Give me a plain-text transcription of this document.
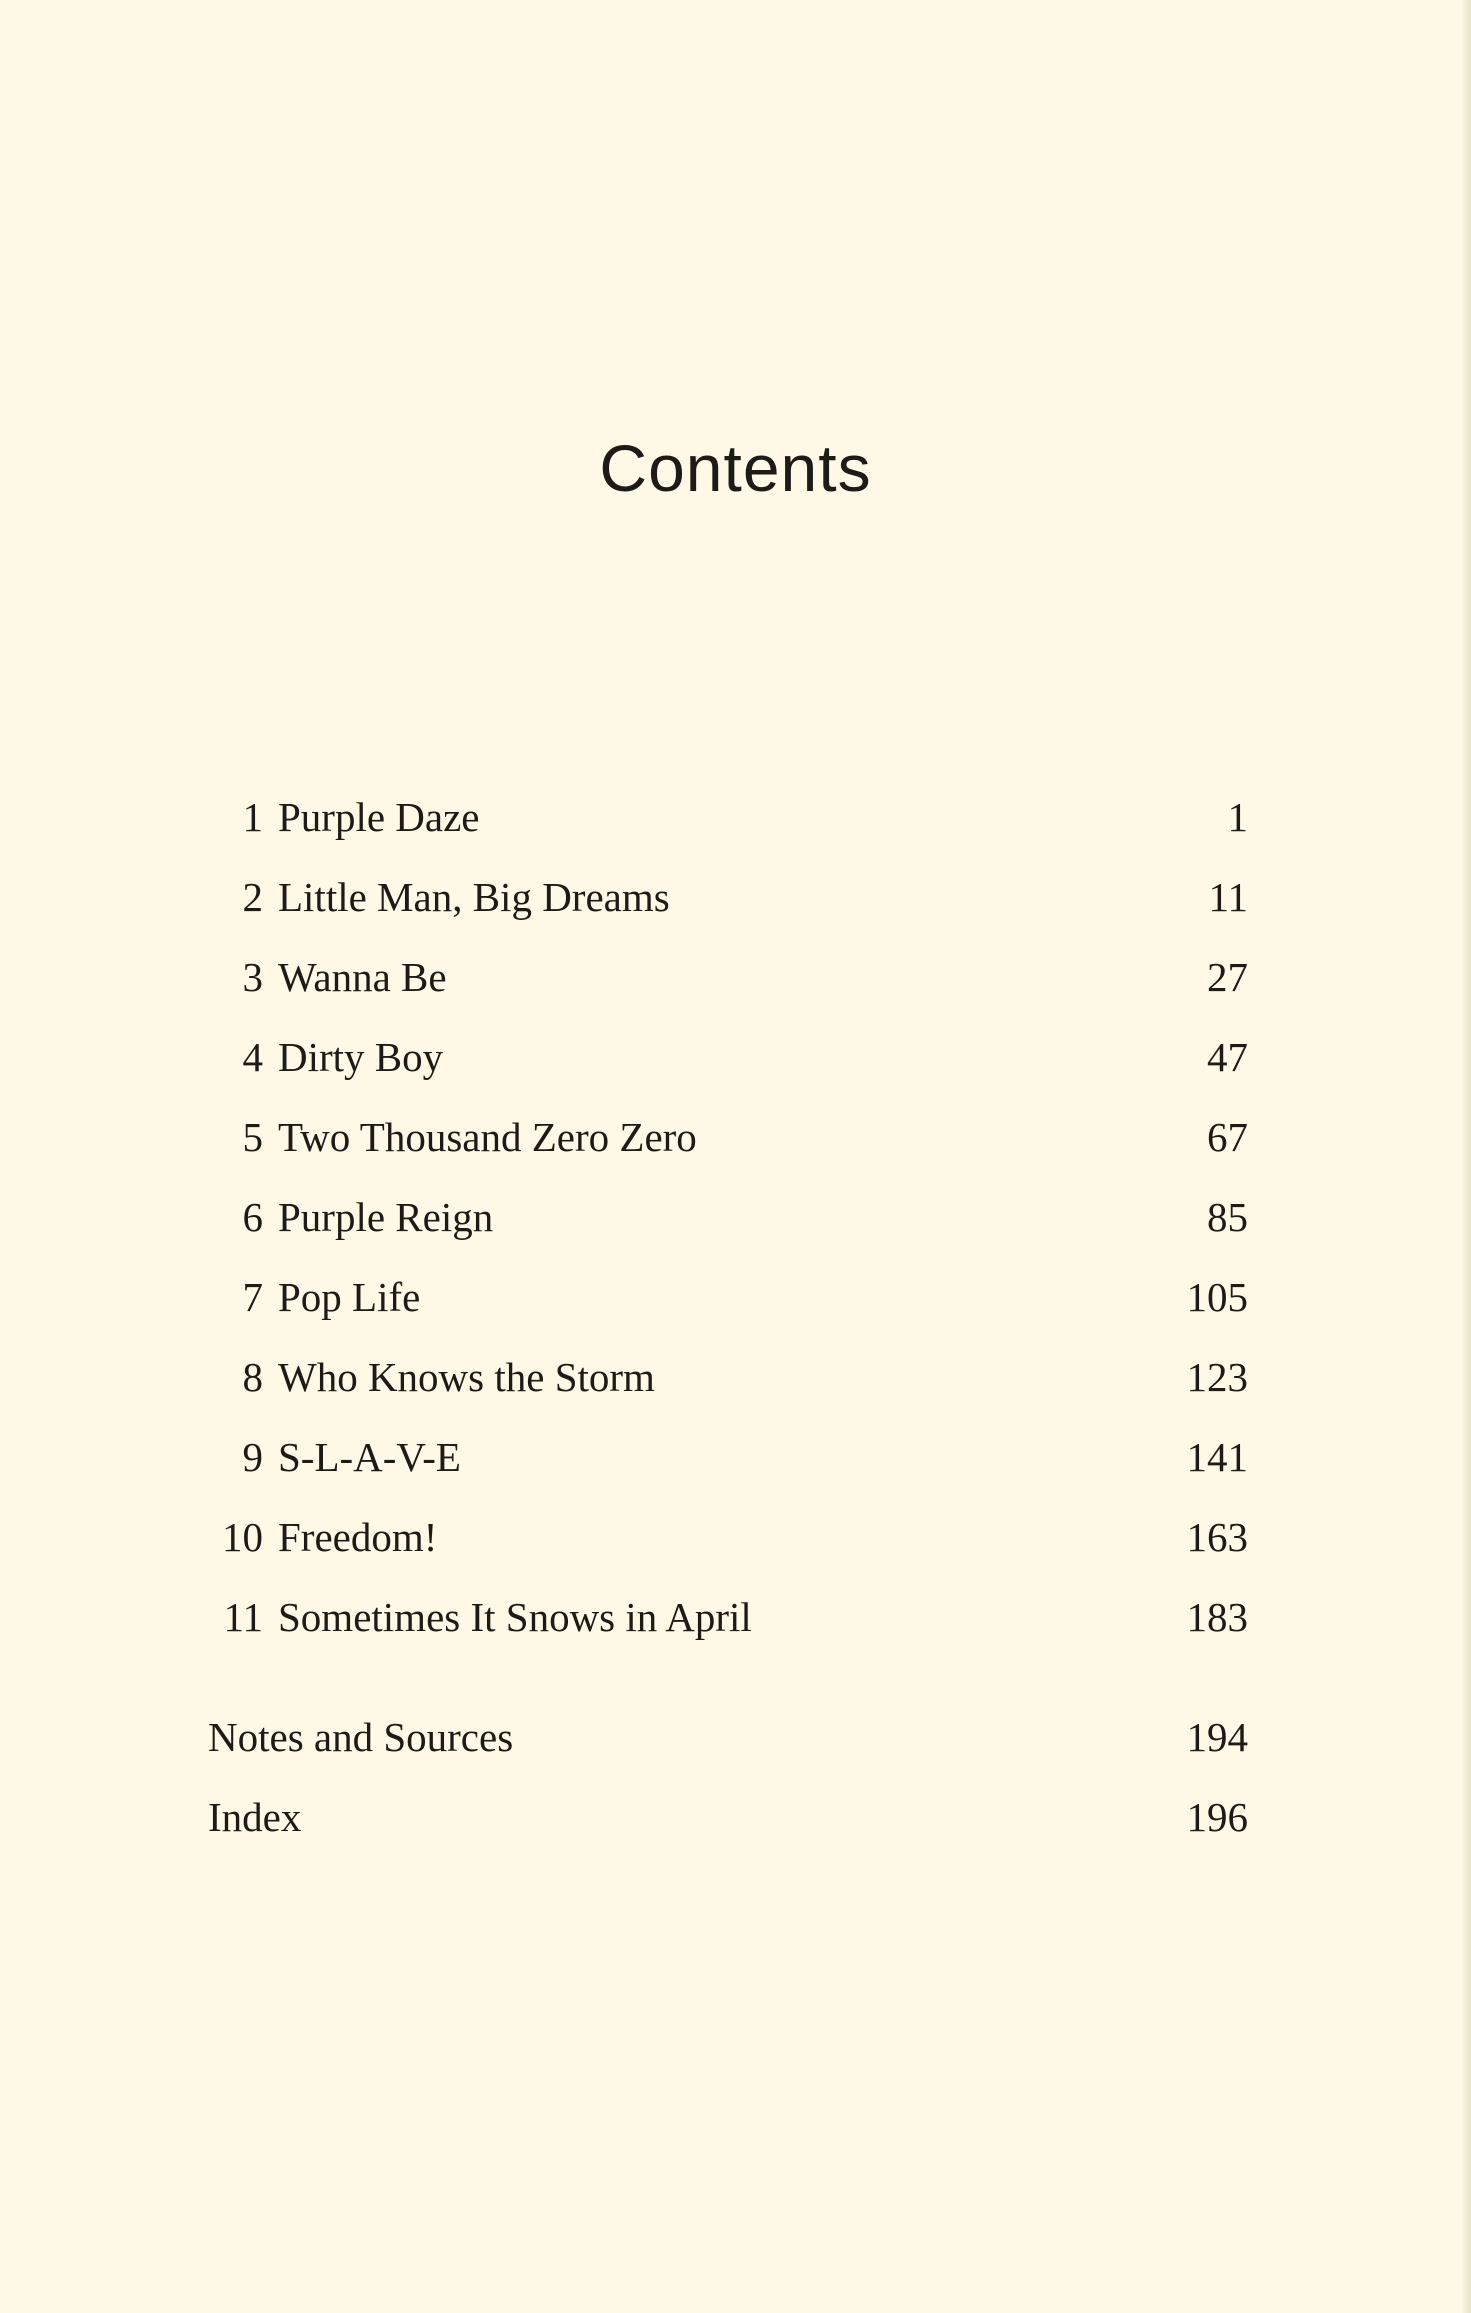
Contents
1 Purple Daze	1
2 Little Man, Big Dreams	11
3 Wanna Be	27
4 Dirty Boy	47
5 Two Thousand Zero Zero	67
6 Purple Reign	85
7 Pop Life	105
8 Who Knows the Storm	123
9 S-L-A-V-E	141
10 Freedom!	163
11 Sometimes It Snows in April	183
Notes and Sources	194
Index	196
